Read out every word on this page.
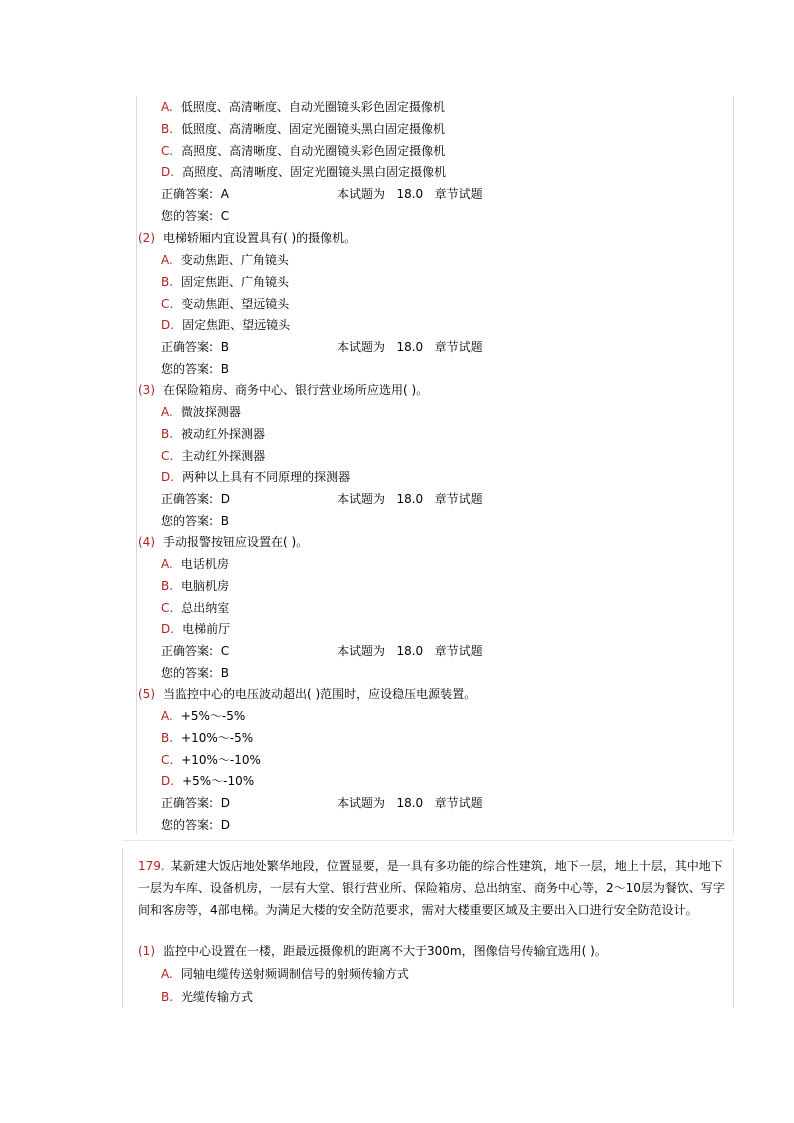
A. 低照度、高清晰度、自动光圈镜头彩色固定摄像机
B. 低照度、高清晰度、固定光圈镜头黑白固定摄像机
C. 高照度、高清晰度、自动光圈镜头彩色固定摄像机
D. 高照度、高清晰度、固定光圈镜头黑白固定摄像机
正确答案: A	本试题为 18.0 章节试题
您的答案: C
(2) 电梯轿厢内宜设置具有( )的摄像机。
A. 变动焦距、广角镜头
B. 固定焦距、广角镜头
C. 变动焦距、望远镜头
D. 固定焦距、望远镜头
正确答案: B	本试题为 18.0 章节试题
您的答案: B
(3) 在保险箱房、商务中心、银行营业场所应选用( )。
A. 微波探测器
B. 被动红外探测器
C. 主动红外探测器
D. 两种以上具有不同原理的探测器
正确答案: D	本试题为 18.0 章节试题
您的答案: B
(4) 手动报警按钮应设置在( )。
A. 电话机房
B. 电脑机房
C. 总出纳室
D. 电梯前厅
正确答案: C	本试题为 18.0 章节试题
您的答案: B
(5) 当监控中心的电压波动超出( )范围时，应设稳压电源装置。
A. +5%～-5%
B. +10%～-5%
C. +10%～-10%
D. +5%～-10%
正确答案: D	本试题为 18.0 章节试题
您的答案: D
179. 某新建大饭店地处繁华地段，位置显要，是一具有多功能的综合性建筑，地下一层，地上十层，其中地下一层为车库、设备机房，一层有大堂、银行营业所、保险箱房、总出纳室、商务中心等，2～10层为餐饮、写字间和客房等，4部电梯。为满足大楼的安全防范要求，需对大楼重要区域及主要出入口进行安全防范设计。
(1) 监控中心设置在一楼，距最远摄像机的距离不大于300m，图像信号传输宜选用( )。
A. 同轴电缆传送射频调制信号的射频传输方式
B. 光缆传输方式
